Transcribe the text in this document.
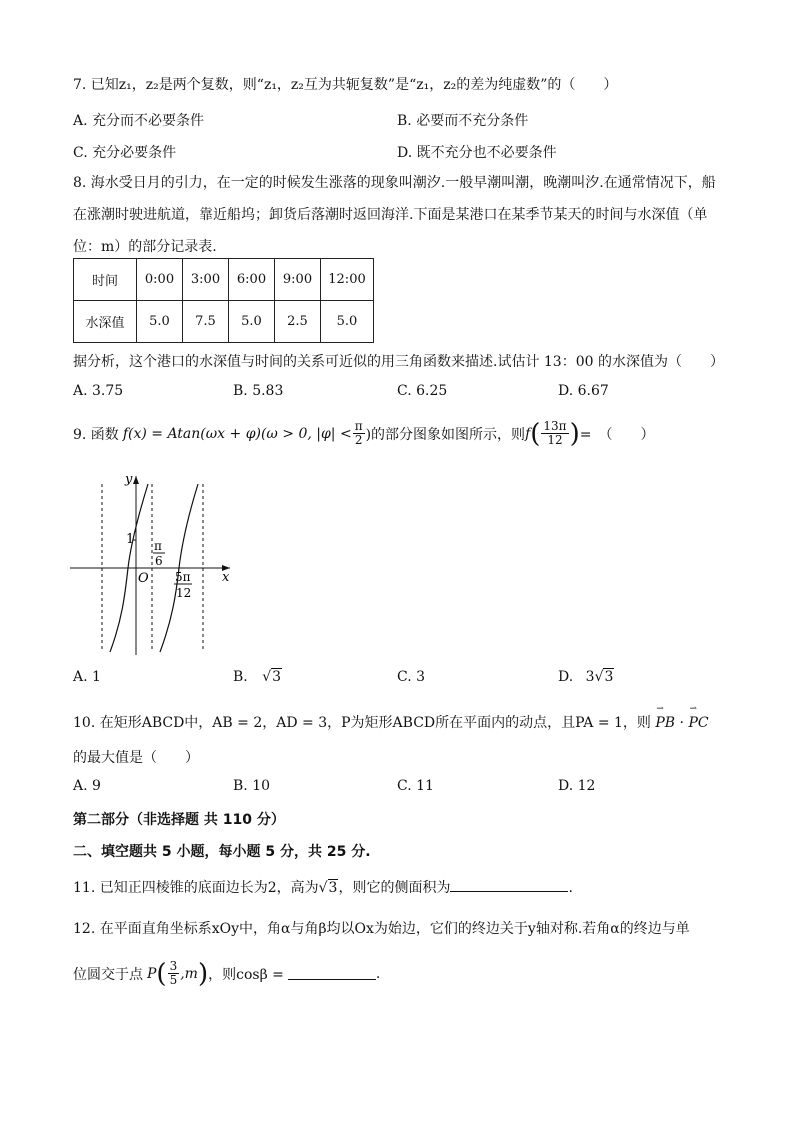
7. 已知z₁，z₂是两个复数，则“z₁，z₂互为共轭复数”是“z₁，z₂的差为纯虚数”的（　　）
A. 充分而不必要条件	B. 必要而不充分条件
C. 充分必要条件	D. 既不充分也不必要条件
8. 海水受日月的引力，在一定的时候发生涨落的现象叫潮汐.一般早潮叫潮，晚潮叫汐.在通常情况下，船
在涨潮时驶进航道，靠近船坞；卸货后落潮时返回海洋.下面是某港口在某季节某天的时间与水深值（单
位：m）的部分记录表.
时间	0:00	3:00	6:00	9:00	12:00
水深值	5.0	7.5	5.0	2.5	5.0
据分析，这个港口的水深值与时间的关系可近似的用三角函数来描述.试估计 13：00 的水深值为（　　）
A. 3.75	B. 5.83	C. 6.25	D. 6.67
9. 函数 f(x) = Atan(ωx + φ)(ω > 0, $|\varphi| < \frac{\pi}{2}$ )的部分图象如图所示，则 f ( $\frac{13\pi}{12}$ ) =　（　　）
y
x
O
1 π
6
5π
12
A. 1	B. √3	C. 3	D. 3√3
10. 在矩形ABCD中，AB = 2，AD = 3，P为矩形ABCD所在平面内的动点，且PA = 1，则 ⇀ PB · ⇀ PC
的最大值是（　　）
A. 9	B. 10	C. 11	D. 12
第二部分（非选择题 共 110 分）
二、填空题共 5 小题，每小题 5 分，共 25 分.
11. 已知正四棱锥的底面边长为2，高为√3，则它的侧面积为	.
12. 在平面直角坐标系xOy中，角α与角β均以Ox为始边，它们的终边关于y轴对称.若角α的终边与单
位圆交于点 P ( $\frac{3}{5} ,m$ ) ，则cosβ =	.
